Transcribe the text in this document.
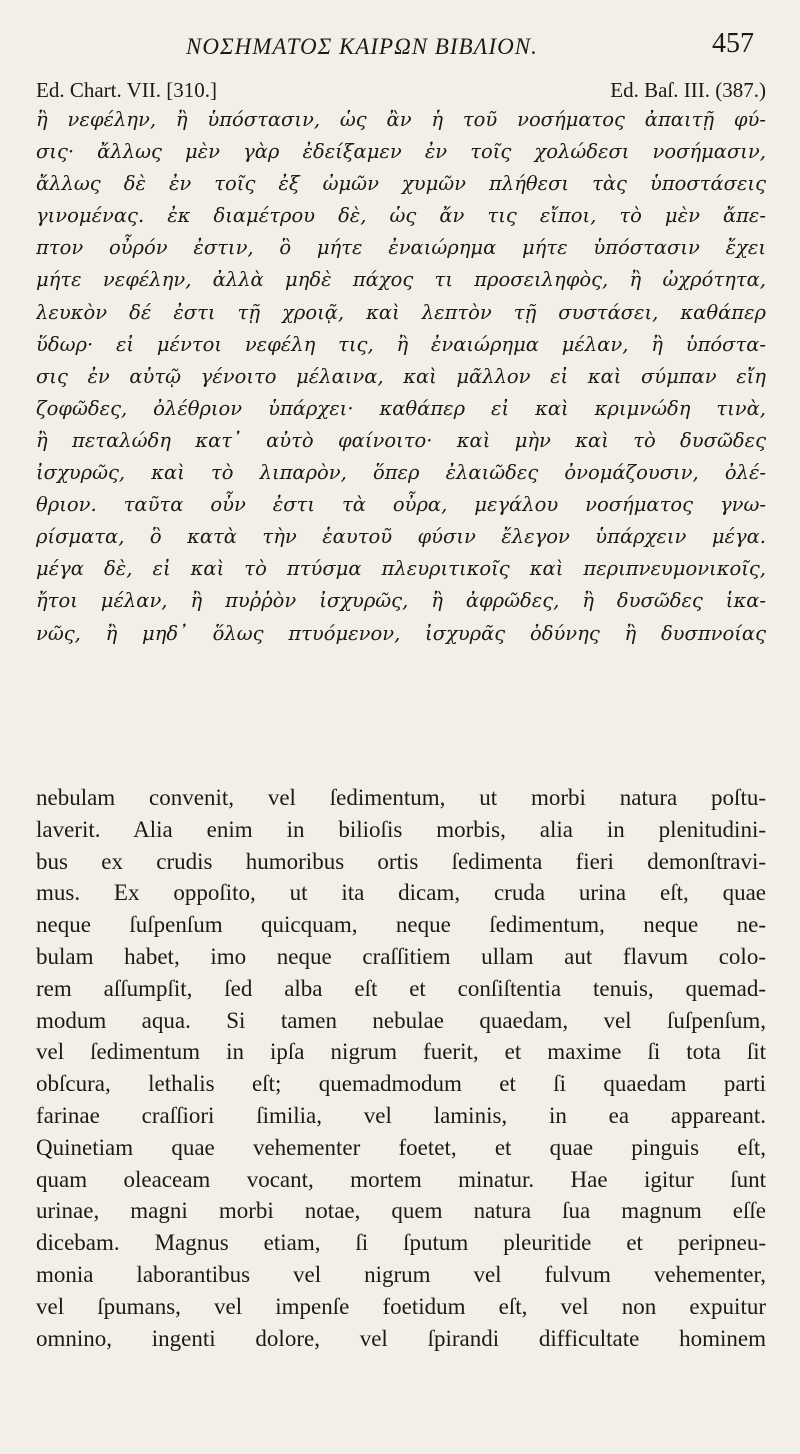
ΝΟΣΗΜΑΤΟΣ ΚΑΙΡΩΝ ΒΙΒΛΙΟΝ.	457
Ed. Chart. VII. [310.]	Ed. Baſ. III. (387.)
ἢ νεφέλην, ἢ ὑπόστασιν, ὡς ἂν ἡ τοῦ νοσήματος ἀπαιτῇ φύ-
σις· ἄλλως μὲν γὰρ ἐδείξαμεν ἐν τοῖς χολώδεσι νοσήμασιν,
ἄλλως δὲ ἐν τοῖς ἐξ ὠμῶν χυμῶν πλήθεσι τὰς ὑποστάσεις
γινομένας. ἐκ διαμέτρου δὲ, ὡς ἄν τις εἴποι, τὸ μὲν ἄπε-
πτον οὖρόν ἐστιν, ὃ μήτε ἐναιώρημα μήτε ὑπόστασιν ἔχει
μήτε νεφέλην, ἀλλὰ μηδὲ πάχος τι προσειληφὸς, ἢ ὠχρότητα,
λευκὸν δέ ἐστι τῇ χροιᾷ, καὶ λεπτὸν τῇ συστάσει, καθάπερ
ὕδωρ· εἰ μέντοι νεφέλη τις, ἢ ἐναιώρημα μέλαν, ἢ ὑπόστα-
σις ἐν αὐτῷ γένοιτο μέλαινα, καὶ μᾶλλον εἰ καὶ σύμπαν εἴη
ζοφῶδες, ὀλέθριον ὑπάρχει· καθάπερ εἰ καὶ κριμνώδη τινὰ,
ἢ πεταλώδη κατ᾽ αὐτὸ φαίνοιτο· καὶ μὴν καὶ τὸ δυσῶδες
ἰσχυρῶς, καὶ τὸ λιπαρὸν, ὅπερ ἐλαιῶδες ὀνομάζουσιν, ὀλέ-
θριον. ταῦτα οὖν ἐστι τὰ οὖρα, μεγάλου νοσήματος γνω-
ρίσματα, ὃ κατὰ τὴν ἑαυτοῦ φύσιν ἔλεγον ὑπάρχειν μέγα.
μέγα δὲ, εἰ καὶ τὸ πτύσμα πλευριτικοῖς καὶ περιπνευμονικοῖς,
ἤτοι μέλαν, ἢ πυῤῥὸν ἰσχυρῶς, ἢ ἀφρῶδες, ἢ δυσῶδες ἱκα-
νῶς, ἢ μηδ᾽ ὅλως πτυόμενον, ἰσχυρᾶς ὀδύνης ἢ δυσπνοίας
nebulam convenit, vel ſedimentum, ut morbi natura poſtu-
laverit. Alia enim in bilioſis morbis, alia in plenitudini-
bus ex crudis humoribus ortis ſedimenta fieri demonſtravi-
mus. Ex oppoſito, ut ita dicam, cruda urina eſt, quae
neque ſuſpenſum quicquam, neque ſedimentum, neque ne-
bulam habet, imo neque craſſitiem ullam aut flavum colo-
rem aſſumpſit, ſed alba eſt et conſiſtentia tenuis, quemad-
modum aqua. Si tamen nebulae quaedam, vel ſuſpenſum,
vel ſedimentum in ipſa nigrum fuerit, et maxime ſi tota ſit
obſcura, lethalis eſt; quemadmodum et ſi quaedam parti
farinae craſſiori ſimilia, vel laminis, in ea appareant.
Quinetiam quae vehementer foetet, et quae pinguis eſt,
quam oleaceam vocant, mortem minatur. Hae igitur ſunt
urinae, magni morbi notae, quem natura ſua magnum eſſe
dicebam. Magnus etiam, ſi ſputum pleuritide et peripneu-
monia laborantibus vel nigrum vel fulvum vehementer,
vel ſpumans, vel impenſe foetidum eſt, vel non expuitur
omnino, ingenti dolore, vel ſpirandi difficultate hominem
